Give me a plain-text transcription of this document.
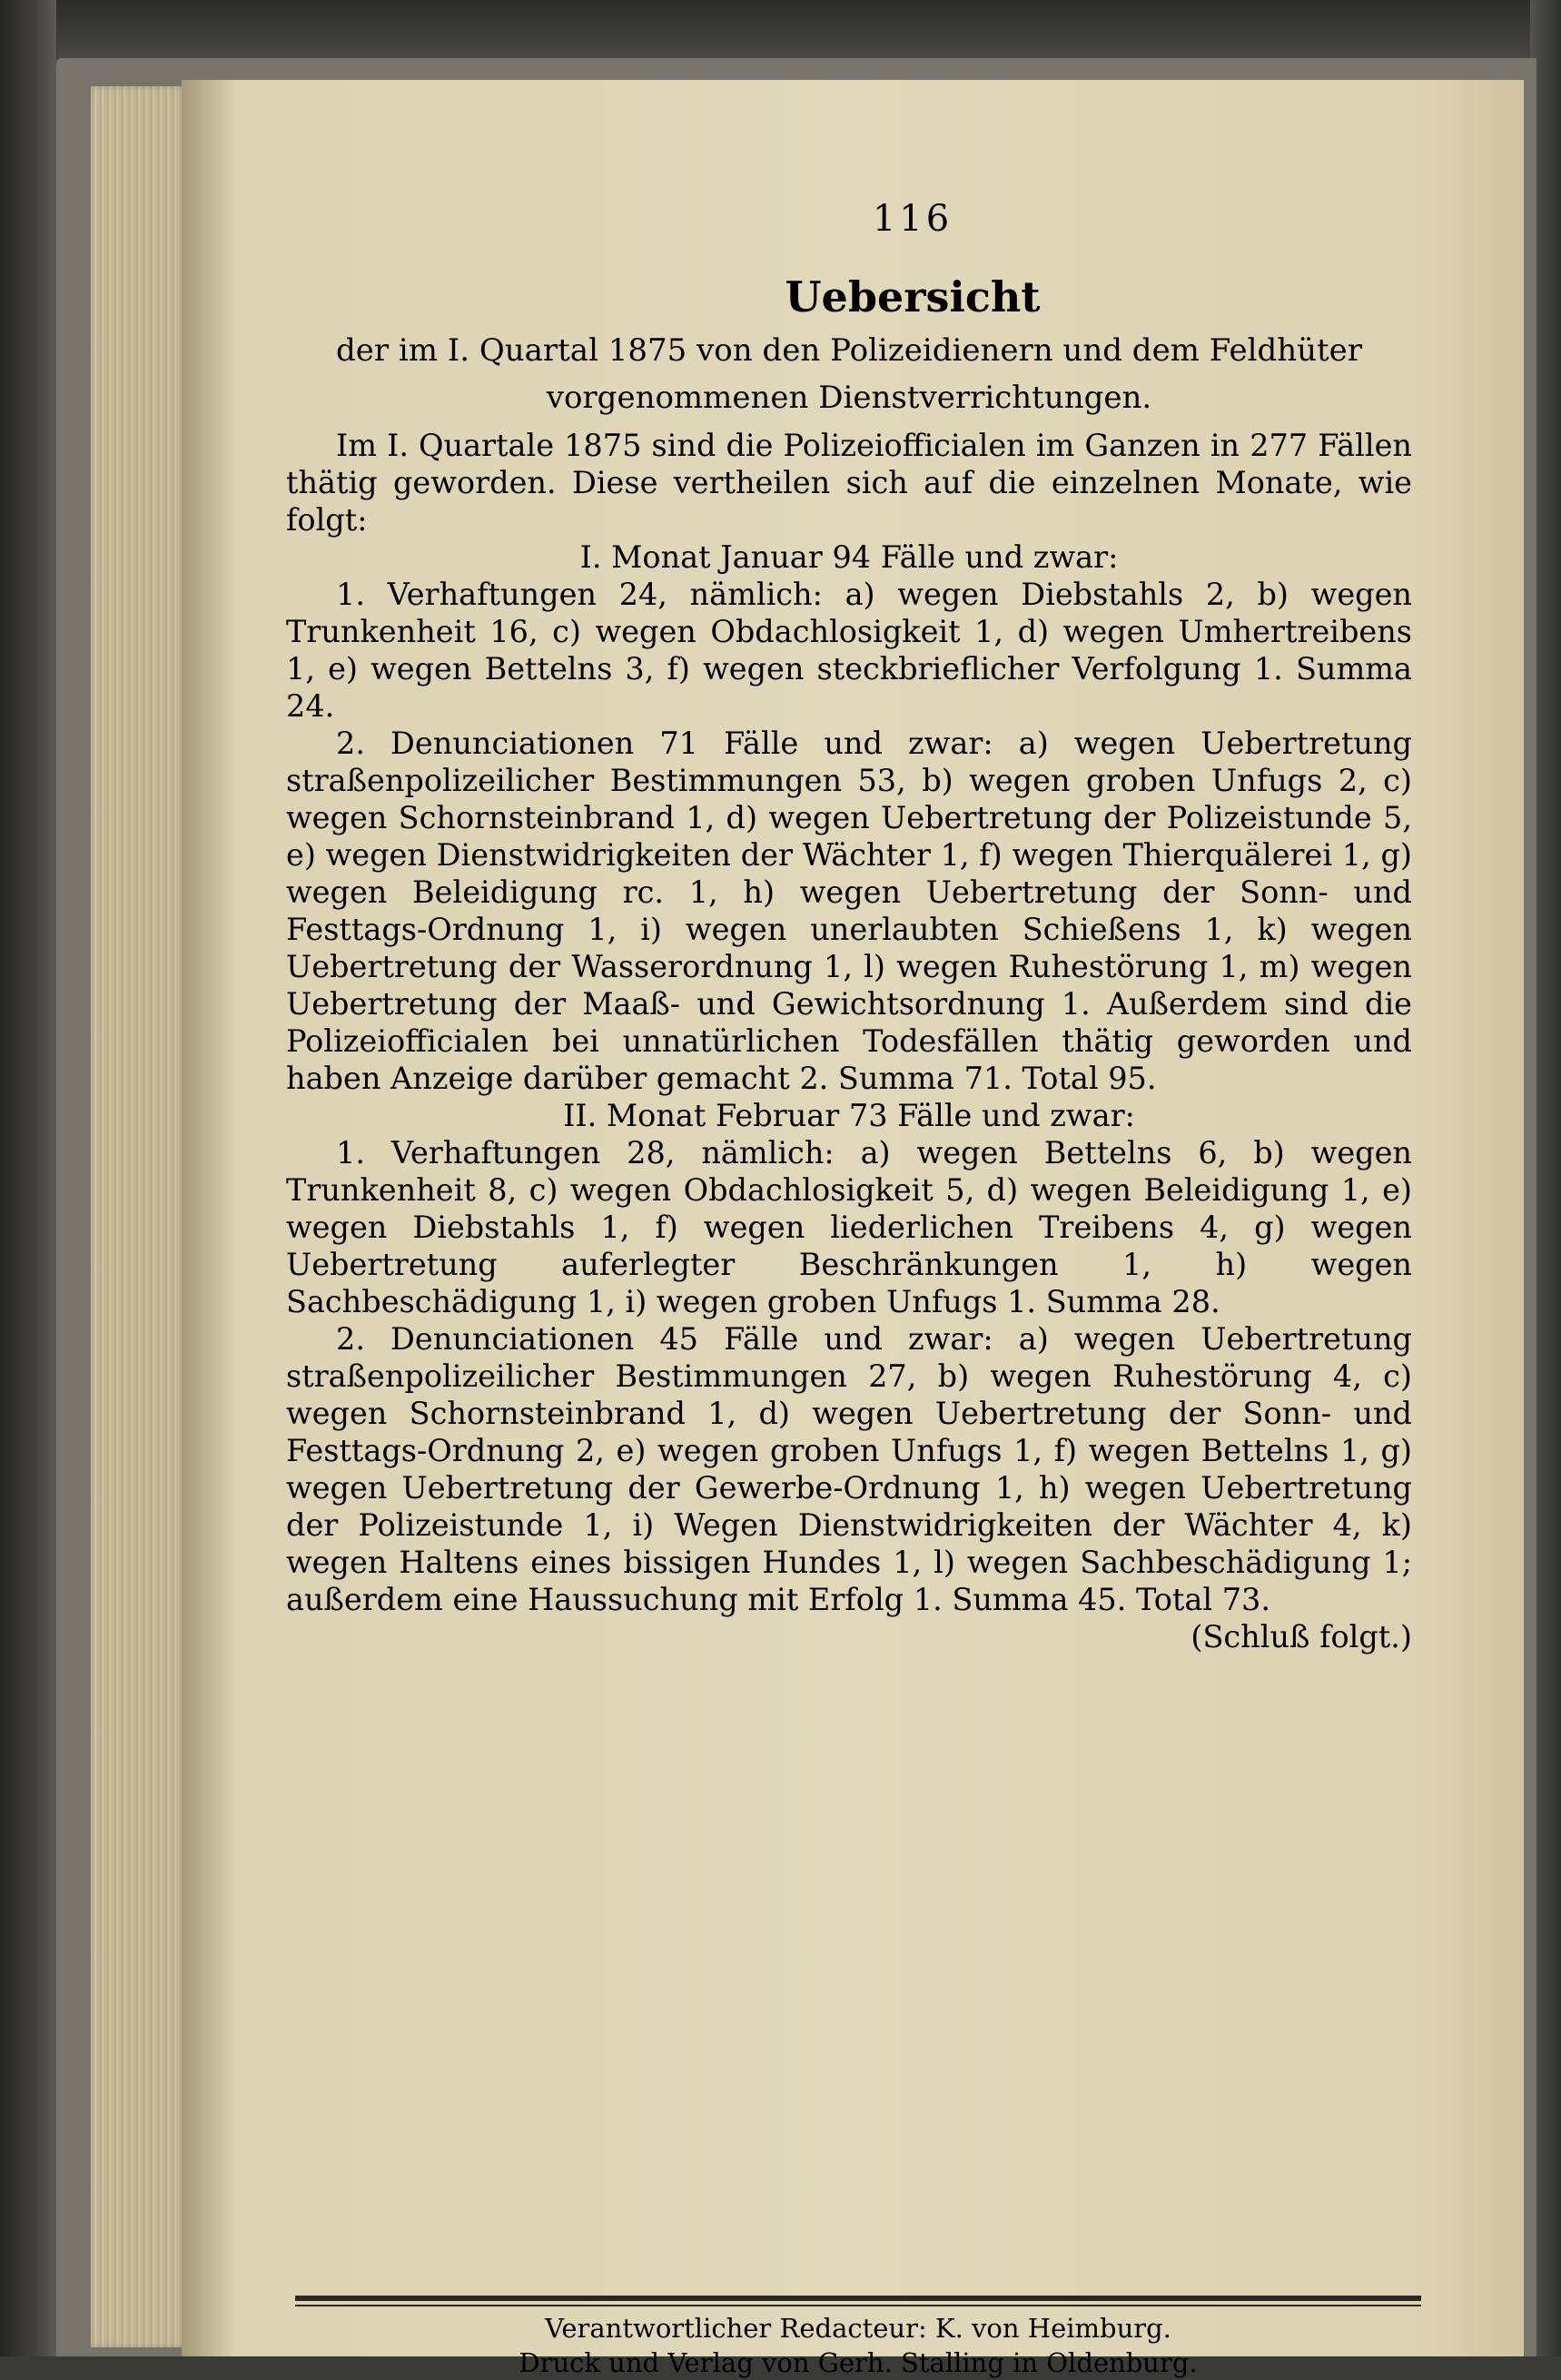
116
Uebersicht
der im I. Quartal 1875 von den Polizeidienern und dem Feldhüter vorgenommenen Dienstverrichtungen.

Im I. Quartale 1875 sind die Polizeiofficialen im Ganzen in 277 Fällen thätig geworden. Diese vertheilen sich auf die einzelnen Monate, wie folgt:

I. Monat Januar 94 Fälle und zwar:

1. Verhaftungen 24, nämlich: a) wegen Diebstahls 2, b) wegen Trunkenheit 16, c) wegen Obdachlosigkeit 1, d) wegen Umhertreibens 1, e) wegen Bettelns 3, f) wegen steckbrieflicher Verfolgung 1. Summa 24.

2. Denunciationen 71 Fälle und zwar: a) wegen Uebertretung straßenpolizeilicher Bestimmungen 53, b) wegen groben Unfugs 2, c) wegen Schornsteinbrand 1, d) wegen Uebertretung der Polizeistunde 5, e) wegen Dienstwidrigkeiten der Wächter 1, f) wegen Thierquälerei 1, g) wegen Beleidigung rc. 1, h) wegen Uebertretung der Sonn- und Festtags-Ordnung 1, i) wegen unerlaubten Schießens 1, k) wegen Uebertretung der Wasserordnung 1, l) wegen Ruhestörung 1, m) wegen Uebertretung der Maaß- und Gewichtsordnung 1. Außerdem sind die Polizeiofficialen bei unnatürlichen Todesfällen thätig geworden und haben Anzeige darüber gemacht 2. Summa 71. Total 95.

II. Monat Februar 73 Fälle und zwar:

1. Verhaftungen 28, nämlich: a) wegen Bettelns 6, b) wegen Trunkenheit 8, c) wegen Obdachlosigkeit 5, d) wegen Beleidigung 1, e) wegen Diebstahls 1, f) wegen liederlichen Treibens 4, g) wegen Uebertretung auferlegter Beschränkungen 1, h) wegen Sachbeschädigung 1, i) wegen groben Unfugs 1. Summa 28.

2. Denunciationen 45 Fälle und zwar: a) wegen Uebertretung straßenpolizeilicher Bestimmungen 27, b) wegen Ruhestörung 4, c) wegen Schornsteinbrand 1, d) wegen Uebertretung der Sonn- und Festtags-Ordnung 2, e) wegen groben Unfugs 1, f) wegen Bettelns 1, g) wegen Uebertretung der Gewerbe-Ordnung 1, h) wegen Uebertretung der Polizeistunde 1, i) Wegen Dienstwidrigkeiten der Wächter 4, k) wegen Haltens eines bissigen Hundes 1, l) wegen Sachbeschädigung 1; außerdem eine Haussuchung mit Erfolg 1. Summa 45. Total 73.

(Schluß folgt.)

Verantwortlicher Redacteur: K. von Heimburg.
Druck und Verlag von Gerh. Stalling in Oldenburg.
